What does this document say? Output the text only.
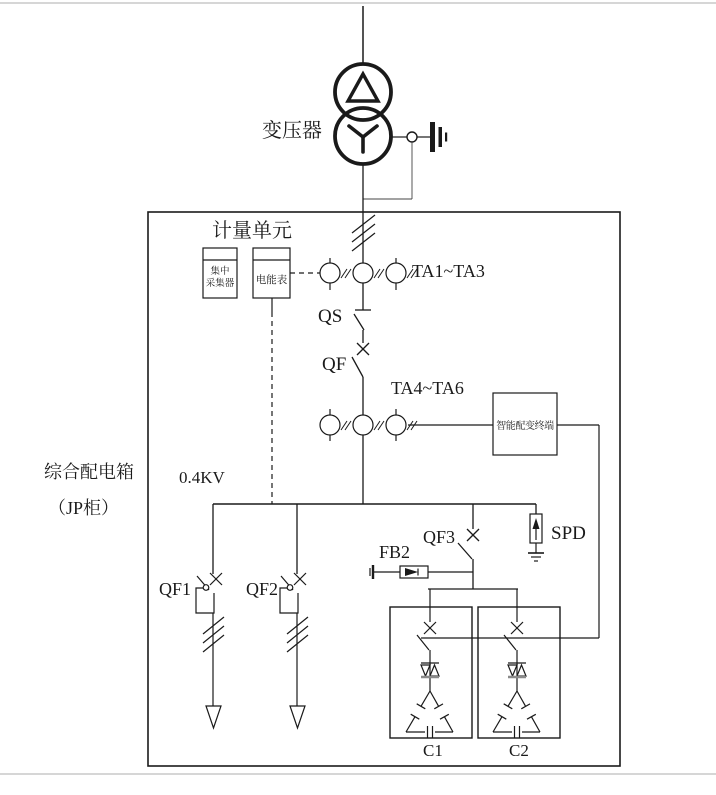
变压器
计量单元
集中
采集器 电能表	TA1~TA3
QS
QF
TA4~TA6
智能配变终端
综合配电箱
（JP柜）
0.4KV
QF1	QF2
FB2
QF3	SPD
C1	C2
